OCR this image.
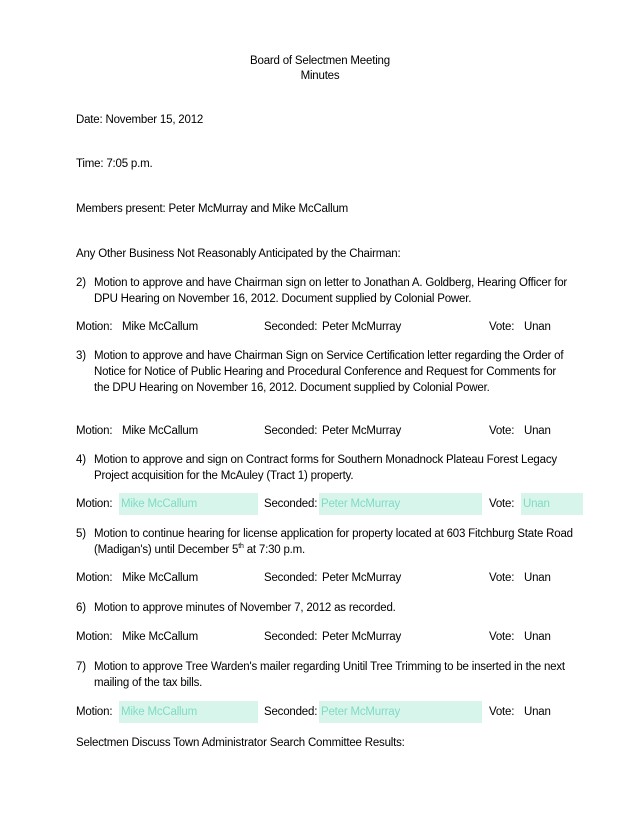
Board of Selectmen Meeting
Minutes
Date: November 15, 2012
Time: 7:05 p.m.
Members present: Peter McMurray and Mike McCallum
Any Other Business Not Reasonably Anticipated by the Chairman:
2) Motion to approve and have Chairman sign on letter to Jonathan A. Goldberg, Hearing Officer for DPU Hearing on November 16, 2012. Document supplied by Colonial Power.
Motion: Mike McCallum	Seconded: Peter McMurray	Vote: Unan
3) Motion to approve and have Chairman Sign on Service Certification letter regarding the Order of Notice for Notice of Public Hearing and Procedural Conference and Request for Comments for the DPU Hearing on November 16, 2012. Document supplied by Colonial Power.
Motion: Mike McCallum	Seconded: Peter McMurray	Vote: Unan
4) Motion to approve and sign on Contract forms for Southern Monadnock Plateau Forest Legacy Project acquisition for the McAuley (Tract 1) property.
Motion: Mike McCallum	Seconded: Peter McMurray	Vote: Unan
5) Motion to continue hearing for license application for property located at 603 Fitchburg State Road (Madigan's) until December 5th at 7:30 p.m.
Motion: Mike McCallum	Seconded: Peter McMurray	Vote: Unan
6) Motion to approve minutes of November 7, 2012 as recorded.
Motion: Mike McCallum	Seconded: Peter McMurray	Vote: Unan
7) Motion to approve Tree Warden's mailer regarding Unitil Tree Trimming to be inserted in the next mailing of the tax bills.
Motion: Mike McCallum	Seconded: Peter McMurray	Vote: Unan
Selectmen Discuss Town Administrator Search Committee Results:
